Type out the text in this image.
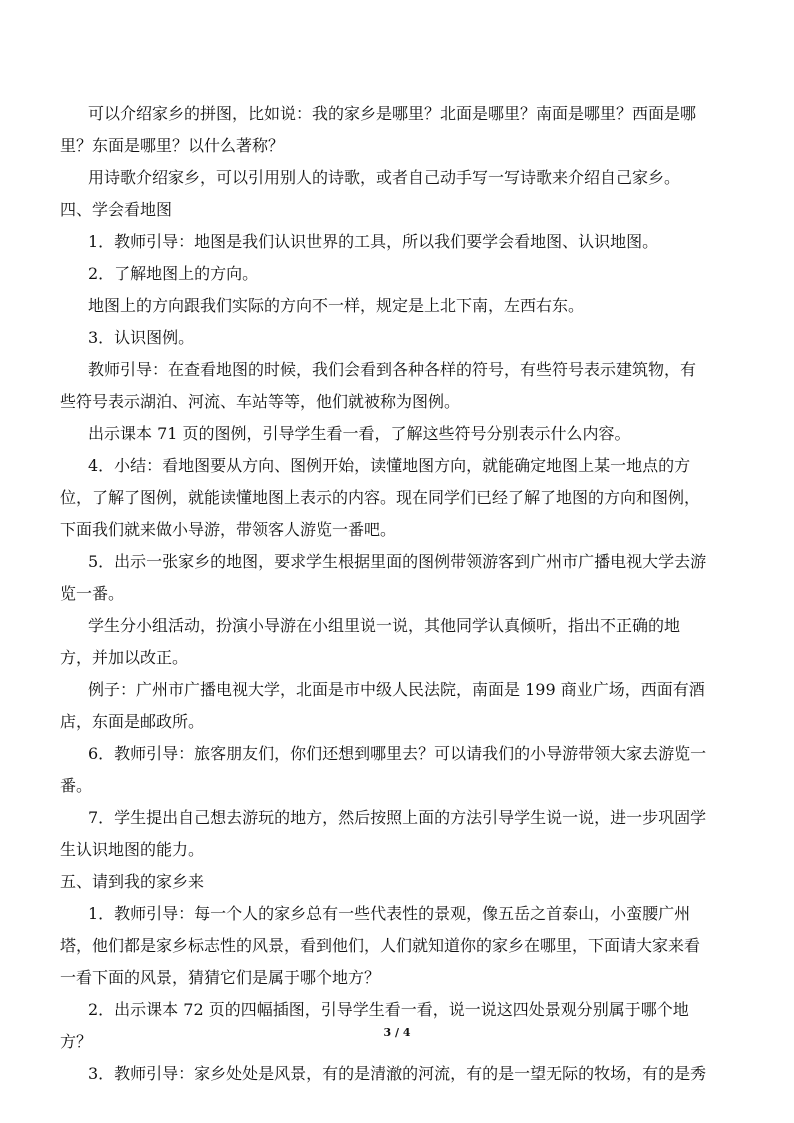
可以介绍家乡的拼图，比如说：我的家乡是哪里？北面是哪里？南面是哪里？西面是哪
里？东面是哪里？以什么著称？
用诗歌介绍家乡，可以引用别人的诗歌，或者自己动手写一写诗歌来介绍自己家乡。
四、学会看地图
1．教师引导：地图是我们认识世界的工具，所以我们要学会看地图、认识地图。
2．了解地图上的方向。
地图上的方向跟我们实际的方向不一样，规定是上北下南，左西右东。
3．认识图例。
教师引导：在查看地图的时候，我们会看到各种各样的符号，有些符号表示建筑物，有
些符号表示湖泊、河流、车站等等，他们就被称为图例。
出示课本 71 页的图例，引导学生看一看，了解这些符号分别表示什么内容。
4．小结：看地图要从方向、图例开始，读懂地图方向，就能确定地图上某一地点的方
位，了解了图例，就能读懂地图上表示的内容。现在同学们已经了解了地图的方向和图例，
下面我们就来做小导游，带领客人游览一番吧。
5．出示一张家乡的地图，要求学生根据里面的图例带领游客到广州市广播电视大学去游
览一番。
学生分小组活动，扮演小导游在小组里说一说，其他同学认真倾听，指出不正确的地
方，并加以改正。
例子：广州市广播电视大学，北面是市中级人民法院，南面是 199 商业广场，西面有酒
店，东面是邮政所。
6．教师引导：旅客朋友们，你们还想到哪里去？可以请我们的小导游带领大家去游览一
番。
7．学生提出自己想去游玩的地方，然后按照上面的方法引导学生说一说，进一步巩固学
生认识地图的能力。
五、请到我的家乡来
1．教师引导：每一个人的家乡总有一些代表性的景观，像五岳之首泰山，小蛮腰广州
塔，他们都是家乡标志性的风景，看到他们，人们就知道你的家乡在哪里，下面请大家来看
一看下面的风景，猜猜它们是属于哪个地方？
2．出示课本 72 页的四幅插图，引导学生看一看，说一说这四处景观分别属于哪个地
方？
3．教师引导：家乡处处是风景，有的是清澈的河流，有的是一望无际的牧场，有的是秀
3 / 4
